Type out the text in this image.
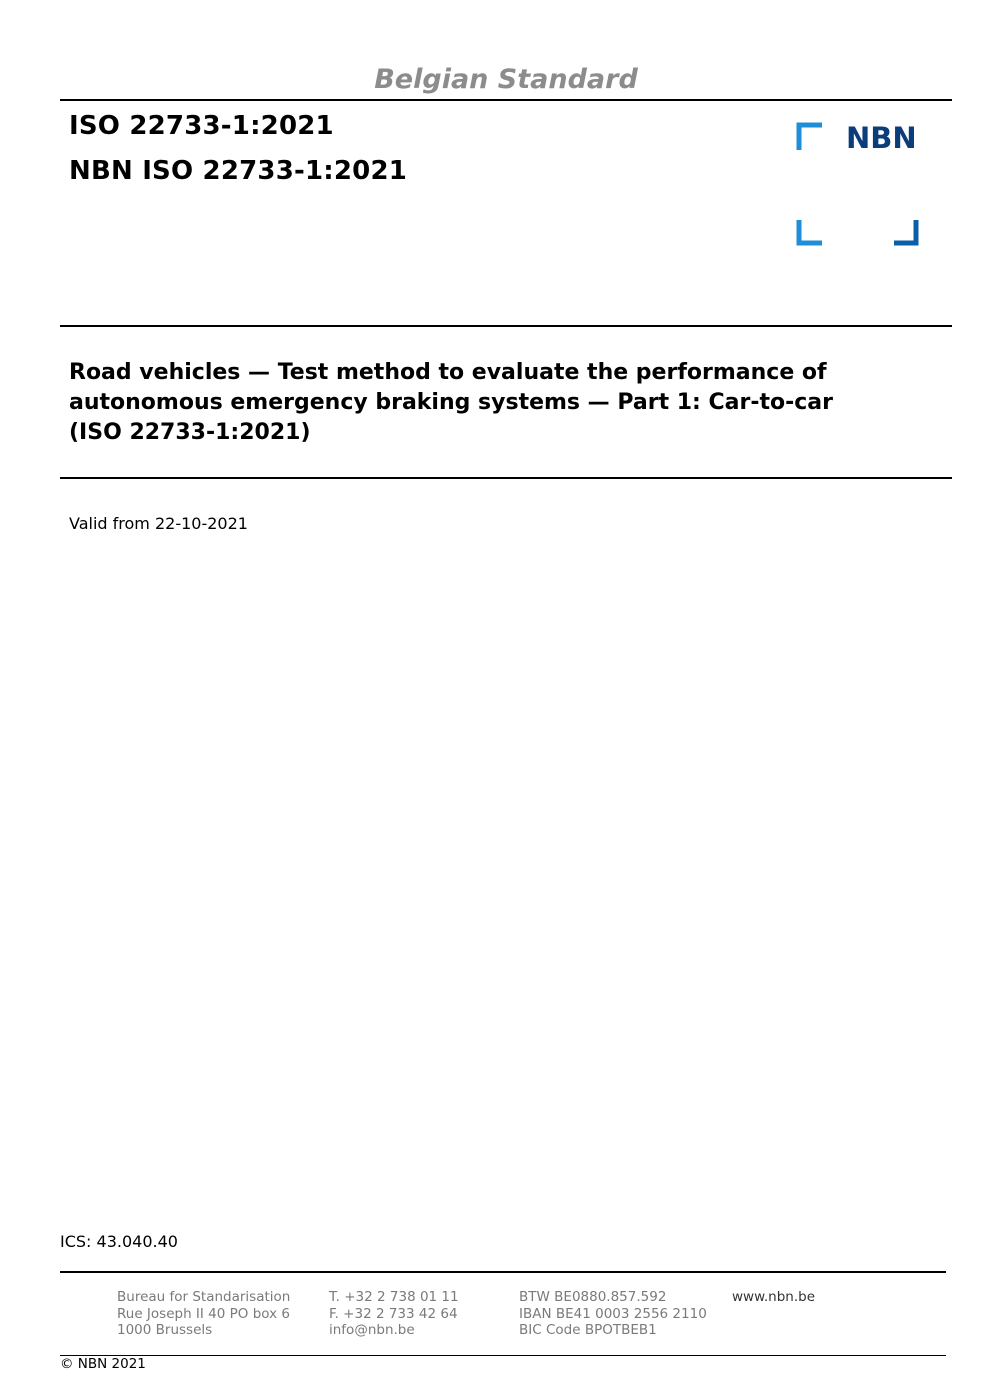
Belgian Standard
ISO 22733-1:2021
NBN ISO 22733-1:2021
NBN
Road vehicles — Test method to evaluate the performance of
autonomous emergency braking systems — Part 1: Car-to-car
(ISO 22733-1:2021)
Valid from 22-10-2021
ICS: 43.040.40
Bureau for Standarisation
Rue Joseph II 40 PO box 6
1000 Brussels
T. +32 2 738 01 11
F. +32 2 733 42 64
info@nbn.be
BTW BE0880.857.592
IBAN BE41 0003 2556 2110
BIC Code BPOTBEB1
www.nbn.be
© NBN 2021
